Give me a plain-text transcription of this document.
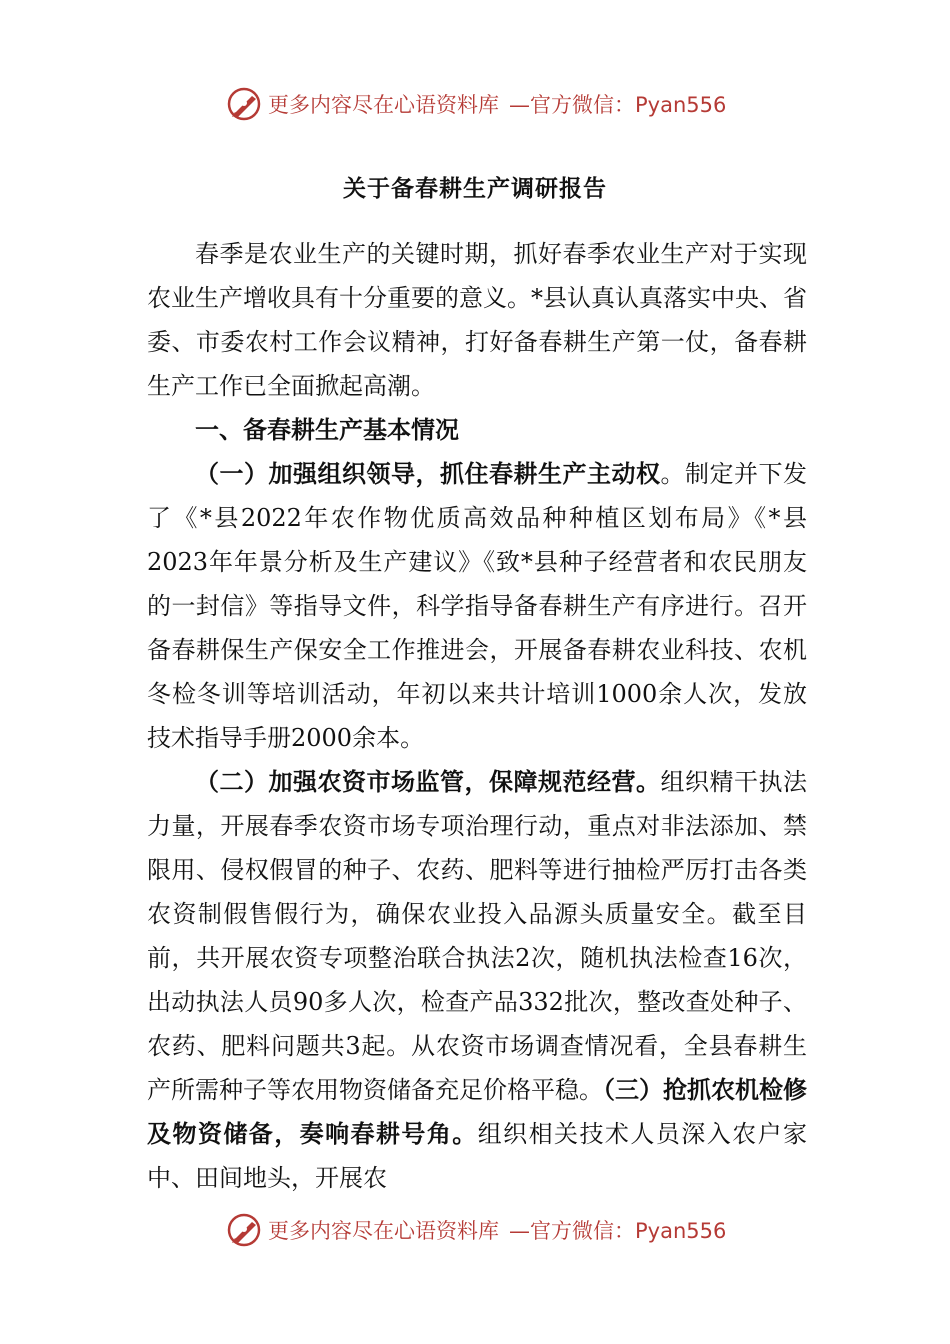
更多内容尽在心语资料库 —官方微信：Pyan556
关于备春耕生产调研报告

春季是农业生产的关键时期，抓好春季农业生产对于实现农业生产增收具有十分重要的意义。*县认真认真落实中央、省委、市委农村工作会议精神，打好备春耕生产第一仗，备春耕生产工作已全面掀起高潮。

一、备春耕生产基本情况

（一）加强组织领导，抓住春耕生产主动权。制定并下发了《*县2022年农作物优质高效品种种植区划布局》《*县2023年年景分析及生产建议》《致*县种子经营者和农民朋友的一封信》等指导文件，科学指导备春耕生产有序进行。召开备春耕保生产保安全工作推进会，开展备春耕农业科技、农机冬检冬训等培训活动，年初以来共计培训1000余人次，发放技术指导手册2000余本。

（二）加强农资市场监管，保障规范经营。组织精干执法力量，开展春季农资市场专项治理行动，重点对非法添加、禁限用、侵权假冒的种子、农药、肥料等进行抽检严厉打击各类农资制假售假行为，确保农业投入品源头质量安全。截至目前，共开展农资专项整治联合执法2次，随机执法检查16次，出动执法人员90多人次，检查产品332批次，整改查处种子、农药、肥料问题共3起。从农资市场调查情况看，全县春耕生产所需种子等农用物资储备充足价格平稳。（三）抢抓农机检修及物资储备，奏响春耕号角。组织相关技术人员深入农户家中、田间地头，开展农

更多内容尽在心语资料库 —官方微信：Pyan556
